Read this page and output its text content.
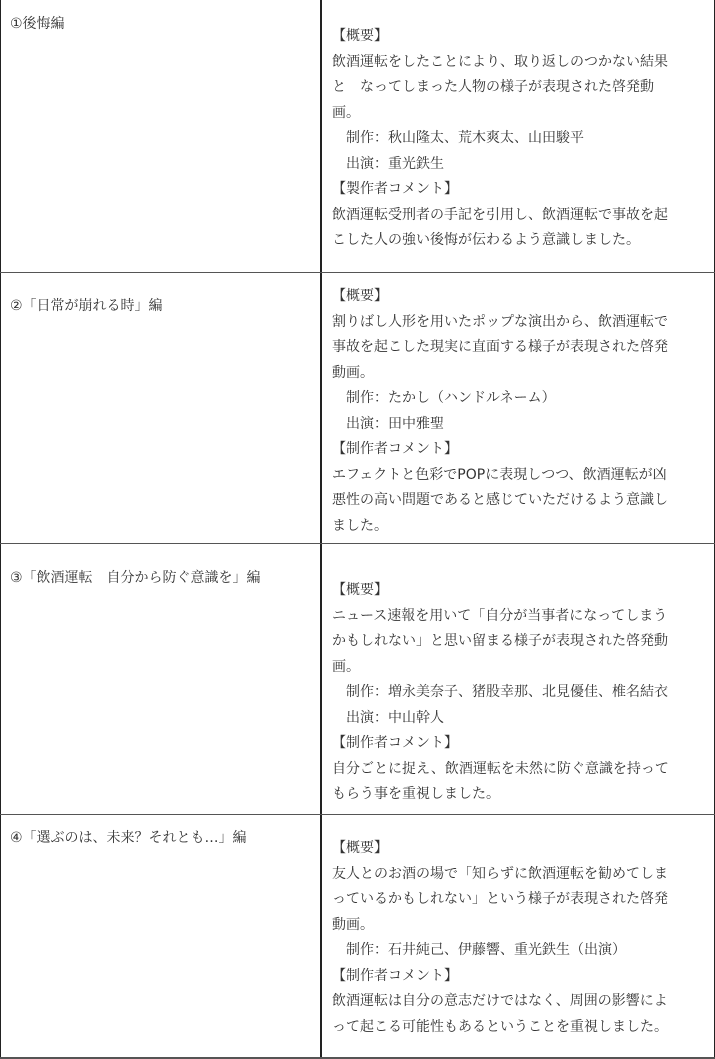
①後悔編
【概要】
飲酒運転をしたことにより、取り返しのつかない結果
と　なってしまった人物の様子が表現された啓発動
画。
制作：秋山隆太、荒木爽太、山田駿平
出演：重光鉄生
【製作者コメント】
飲酒運転受刑者の手記を引用し、飲酒運転で事故を起
こした人の強い後悔が伝わるよう意識しました。
②「日常が崩れる時」編
【概要】
割りばし人形を用いたポップな演出から、飲酒運転で
事故を起こした現実に直面する様子が表現された啓発
動画。
制作：たかし（ハンドルネーム）
出演：田中雅聖
【制作者コメント】
エフェクトと色彩でPOPに表現しつつ、飲酒運転が凶
悪性の高い問題であると感じていただけるよう意識し
ました。
③「飲酒運転　自分から防ぐ意識を」編
【概要】
ニュース速報を用いて「自分が当事者になってしまう
かもしれない」と思い留まる様子が表現された啓発動
画。
制作：増永美奈子、猪股幸那、北見優佳、椎名結衣
出演：中山幹人
【制作者コメント】
自分ごとに捉え、飲酒運転を未然に防ぐ意識を持って
もらう事を重視しました。
④「選ぶのは、未来？それとも…」編
【概要】
友人とのお酒の場で「知らずに飲酒運転を勧めてしま
っているかもしれない」という様子が表現された啓発
動画。
制作：石井純己、伊藤響、重光鉄生（出演）
【制作者コメント】
飲酒運転は自分の意志だけではなく、周囲の影響によ
って起こる可能性もあるということを重視しました。
